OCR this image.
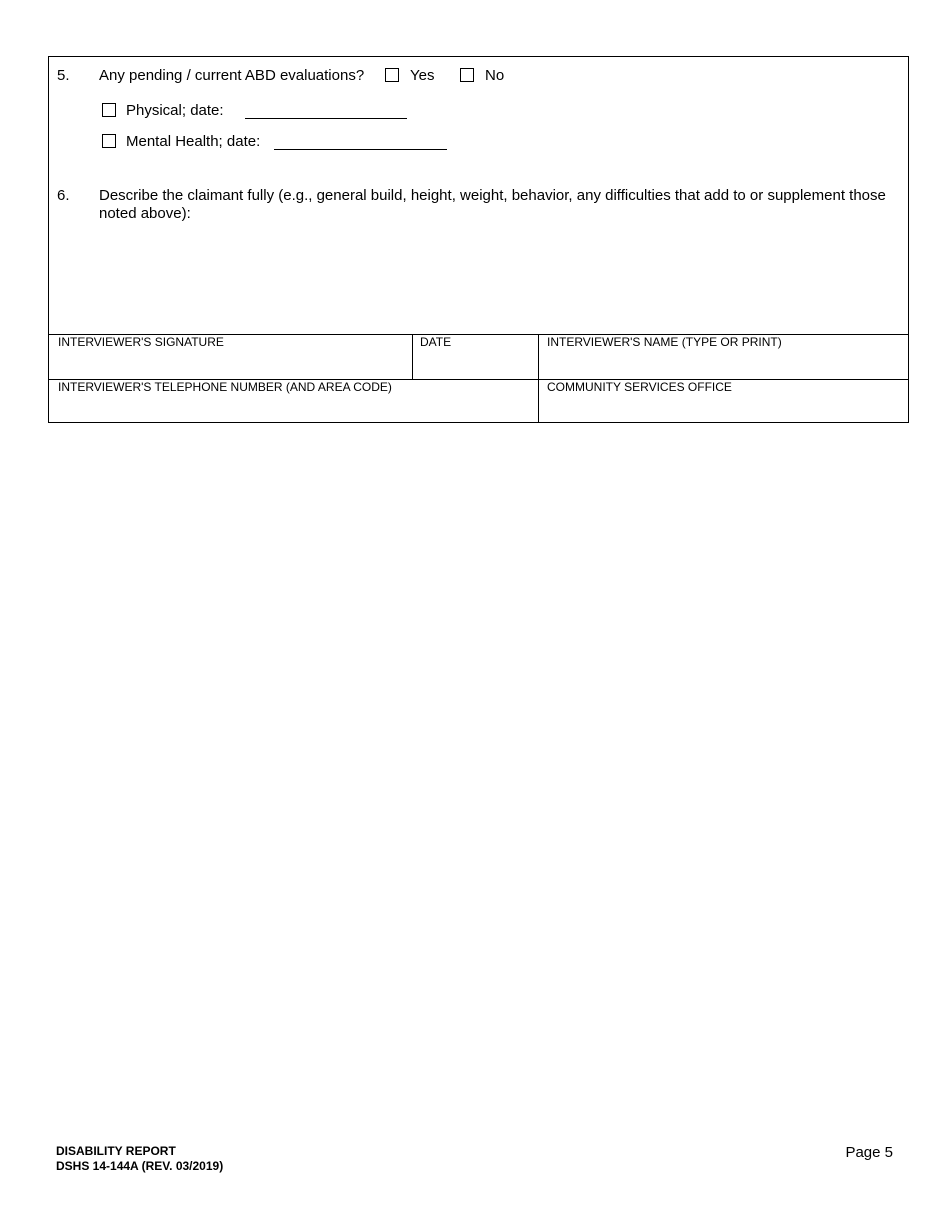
5. Any pending / current ABD evaluations?	Yes	No
Physical; date:
Mental Health; date:
6. Describe the claimant fully (e.g., general build, height, weight, behavior, any difficulties that add to or supplement those noted above):
INTERVIEWER'S SIGNATURE	DATE	INTERVIEWER'S NAME (TYPE OR PRINT)
INTERVIEWER'S TELEPHONE NUMBER (AND AREA CODE)	COMMUNITY SERVICES OFFICE
DISABILITY REPORT
DSHS 14-144A (REV. 03/2019)
Page 5
